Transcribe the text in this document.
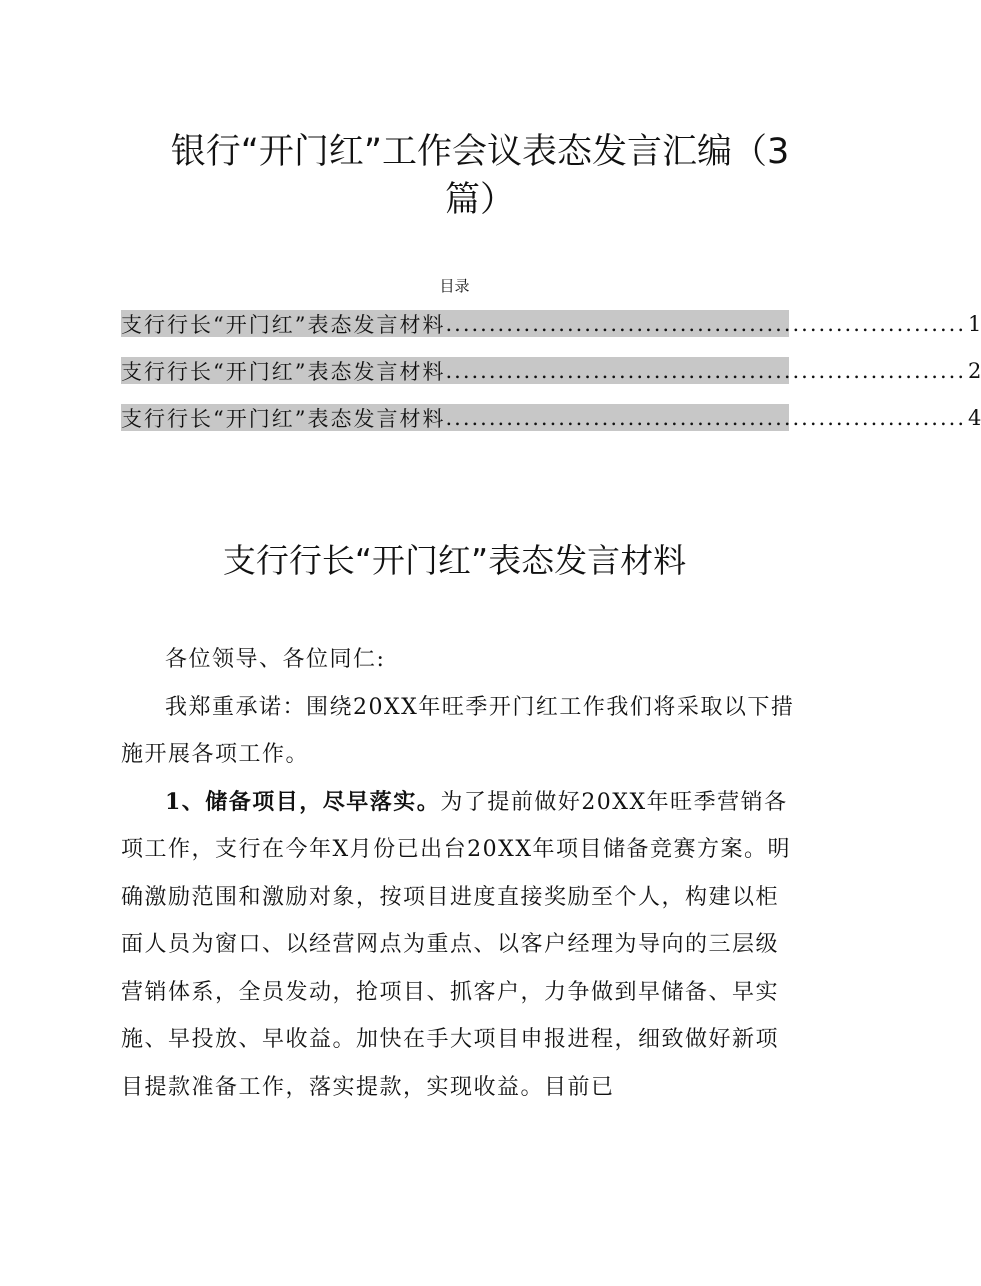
银行“开门红”工作会议表态发言汇编（3篇）
目录
支行行长“开门红”表态发言材料 ............................................................ 1
支行行长“开门红”表态发言材料 ............................................................ 2
支行行长“开门红”表态发言材料 ............................................................ 4
支行行长“开门红”表态发言材料

各位领导、各位同仁:

我郑重承诺：围绕20XX年旺季开门红工作我们将采取以下措施开展各项工作。

1、储备项目，尽早落实。为了提前做好20XX年旺季营销各项工作，支行在今年X月份已出台20XX年项目储备竞赛方案。明确激励范围和激励对象，按项目进度直接奖励至个人，构建以柜面人员为窗口、以经营网点为重点、以客户经理为导向的三层级营销体系，全员发动，抢项目、抓客户，力争做到早储备、早实施、早投放、早收益。加快在手大项目申报进程，细致做好新项目提款准备工作，落实提款，实现收益。目前已
